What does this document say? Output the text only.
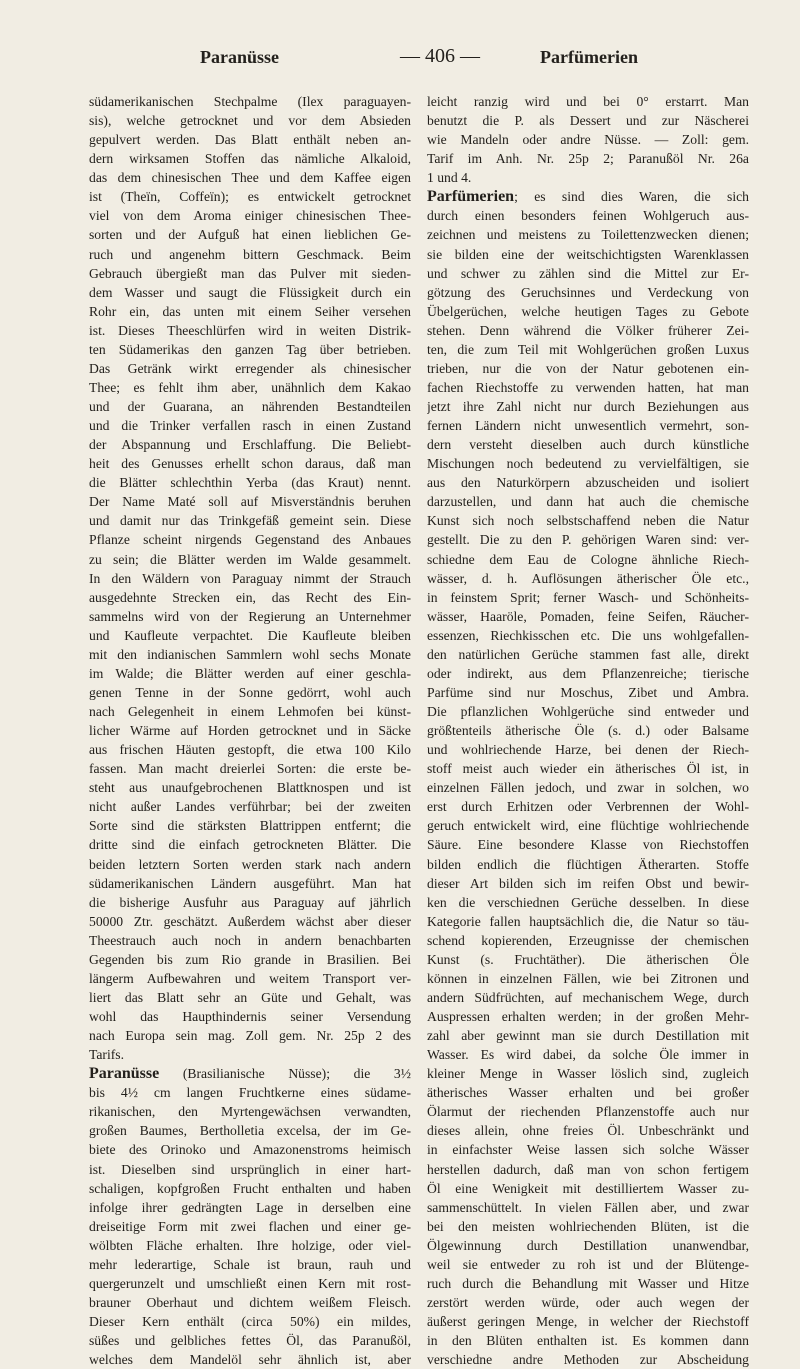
Paranüsse	— 406 —	Parfümerien
südamerikanischen Stechpalme (Ilex paraguayen-
sis), welche getrocknet und vor dem Absieden
gepulvert werden. Das Blatt enthält neben an-
dern wirksamen Stoffen das nämliche Alkaloid,
das dem chinesischen Thee und dem Kaffee eigen
ist (Theïn, Coffeïn); es entwickelt getrocknet
viel von dem Aroma einiger chinesischen Thee-
sorten und der Aufguß hat einen lieblichen Ge-
ruch und angenehm bittern Geschmack. Beim
Gebrauch übergießt man das Pulver mit sieden-
dem Wasser und saugt die Flüssigkeit durch ein
Rohr ein, das unten mit einem Seiher versehen
ist. Dieses Theeschlürfen wird in weiten Distrik-
ten Südamerikas den ganzen Tag über betrieben.
Das Getränk wirkt erregender als chinesischer
Thee; es fehlt ihm aber, unähnlich dem Kakao
und der Guarana, an nährenden Bestandteilen
und die Trinker verfallen rasch in einen Zustand
der Abspannung und Erschlaffung. Die Beliebt-
heit des Genusses erhellt schon daraus, daß man
die Blätter schlechthin Yerba (das Kraut) nennt.
Der Name Maté soll auf Misverständnis beruhen
und damit nur das Trinkgefäß gemeint sein. Diese
Pflanze scheint nirgends Gegenstand des Anbaues
zu sein; die Blätter werden im Walde gesammelt.
In den Wäldern von Paraguay nimmt der Strauch
ausgedehnte Strecken ein, das Recht des Ein-
sammelns wird von der Regierung an Unternehmer
und Kaufleute verpachtet. Die Kaufleute bleiben
mit den indianischen Sammlern wohl sechs Monate
im Walde; die Blätter werden auf einer geschla-
genen Tenne in der Sonne gedörrt, wohl auch
nach Gelegenheit in einem Lehmofen bei künst-
licher Wärme auf Horden getrocknet und in Säcke
aus frischen Häuten gestopft, die etwa 100 Kilo
fassen. Man macht dreierlei Sorten: die erste be-
steht aus unaufgebrochenen Blattknospen und ist
nicht außer Landes verführbar; bei der zweiten
Sorte sind die stärksten Blattrippen entfernt; die
dritte sind die einfach getrockneten Blätter. Die
beiden letztern Sorten werden stark nach andern
südamerikanischen Ländern ausgeführt. Man hat
die bisherige Ausfuhr aus Paraguay auf jährlich
50000 Ztr. geschätzt. Außerdem wächst aber dieser
Theestrauch auch noch in andern benachbarten
Gegenden bis zum Rio grande in Brasilien. Bei
längerm Aufbewahren und weitem Transport ver-
liert das Blatt sehr an Güte und Gehalt, was
wohl das Haupthindernis seiner Versendung
nach Europa sein mag. Zoll gem. Nr. 25p 2 des
Tarifs.
Paranüsse (Brasilianische Nüsse); die 3½
bis 4½ cm langen Fruchtkerne eines südame-
rikanischen, den Myrtengewächsen verwandten,
großen Baumes, Bertholletia excelsa, der im Ge-
biete des Orinoko und Amazonenstroms heimisch
ist. Dieselben sind ursprünglich in einer hart-
schaligen, kopfgroßen Frucht enthalten und haben
infolge ihrer gedrängten Lage in derselben eine
dreiseitige Form mit zwei flachen und einer ge-
wölbten Fläche erhalten. Ihre holzige, oder viel-
mehr lederartige, Schale ist braun, rauh und
quergerunzelt und umschließt einen Kern mit rost-
brauner Oberhaut und dichtem weißem Fleisch.
Dieser Kern enthält (circa 50%) ein mildes,
süßes und gelbliches fettes Öl, das Paranußöl,
welches dem Mandelöl sehr ähnlich ist, aber
leicht ranzig wird und bei 0° erstarrt. Man
benutzt die P. als Dessert und zur Näscherei
wie Mandeln oder andre Nüsse. — Zoll: gem.
Tarif im Anh. Nr. 25p 2; Paranußöl Nr. 26a
1 und 4.
Parfümerien; es sind dies Waren, die sich
durch einen besonders feinen Wohlgeruch aus-
zeichnen und meistens zu Toilettenzwecken dienen;
sie bilden eine der weitschichtigsten Warenklassen
und schwer zu zählen sind die Mittel zur Er-
götzung des Geruchsinnes und Verdeckung von
Übelgerüchen, welche heutigen Tages zu Gebote
stehen. Denn während die Völker früherer Zei-
ten, die zum Teil mit Wohlgerüchen großen Luxus
trieben, nur die von der Natur gebotenen ein-
fachen Riechstoffe zu verwenden hatten, hat man
jetzt ihre Zahl nicht nur durch Beziehungen aus
fernen Ländern nicht unwesentlich vermehrt, son-
dern versteht dieselben auch durch künstliche
Mischungen noch bedeutend zu vervielfältigen, sie
aus den Naturkörpern abzuscheiden und isoliert
darzustellen, und dann hat auch die chemische
Kunst sich noch selbstschaffend neben die Natur
gestellt. Die zu den P. gehörigen Waren sind: ver-
schiedne dem Eau de Cologne ähnliche Riech-
wässer, d. h. Auflösungen ätherischer Öle etc.,
in feinstem Sprit; ferner Wasch- und Schönheits-
wässer, Haaröle, Pomaden, feine Seifen, Räucher-
essenzen, Riechkisschen etc. Die uns wohlgefallen-
den natürlichen Gerüche stammen fast alle, direkt
oder indirekt, aus dem Pflanzenreiche; tierische
Parfüme sind nur Moschus, Zibet und Ambra.
Die pflanzlichen Wohlgerüche sind entweder und
größtenteils ätherische Öle (s. d.) oder Balsame
und wohlriechende Harze, bei denen der Riech-
stoff meist auch wieder ein ätherisches Öl ist, in
einzelnen Fällen jedoch, und zwar in solchen, wo
erst durch Erhitzen oder Verbrennen der Wohl-
geruch entwickelt wird, eine flüchtige wohlriechende
Säure. Eine besondere Klasse von Riechstoffen
bilden endlich die flüchtigen Ätherarten. Stoffe
dieser Art bilden sich im reifen Obst und bewir-
ken die verschiednen Gerüche desselben. In diese
Kategorie fallen hauptsächlich die, die Natur so täu-
schend kopierenden, Erzeugnisse der chemischen
Kunst (s. Fruchtäther). Die ätherischen Öle
können in einzelnen Fällen, wie bei Zitronen und
andern Südfrüchten, auf mechanischem Wege, durch
Auspressen erhalten werden; in der großen Mehr-
zahl aber gewinnt man sie durch Destillation mit
Wasser. Es wird dabei, da solche Öle immer in
kleiner Menge in Wasser löslich sind, zugleich
ätherisches Wasser erhalten und bei großer
Ölarmut der riechenden Pflanzenstoffe auch nur
dieses allein, ohne freies Öl. Unbeschränkt und
in einfachster Weise lassen sich solche Wässer
herstellen dadurch, daß man von schon fertigem
Öl eine Wenigkeit mit destilliertem Wasser zu-
sammenschüttelt. In vielen Fällen aber, und zwar
bei den meisten wohlriechenden Blüten, ist die
Ölgewinnung durch Destillation unanwendbar,
weil sie entweder zu roh ist und der Blütenge-
ruch durch die Behandlung mit Wasser und Hitze
zerstört werden würde, oder auch wegen der
äußerst geringen Menge, in welcher der Riechstoff
in den Blüten enthalten ist. Es kommen dann
verschiedne andre Methoden zur Abscheidung
